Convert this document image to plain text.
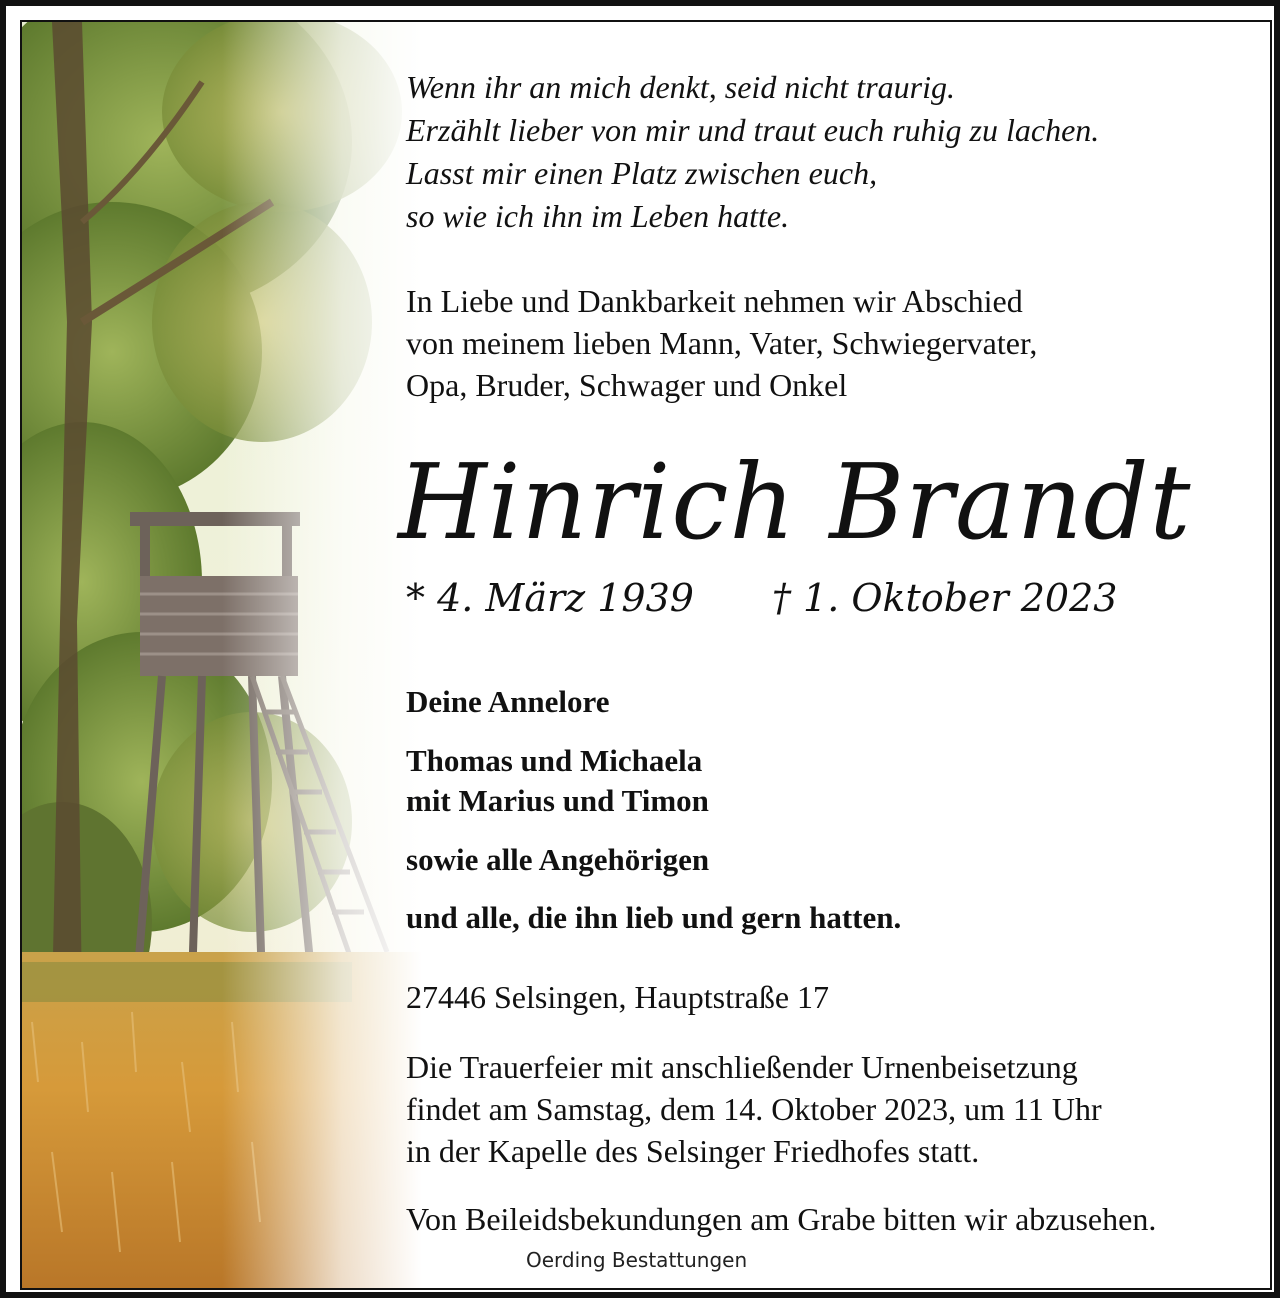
Wenn ihr an mich denkt, seid nicht traurig.
Erzählt lieber von mir und traut euch ruhig zu lachen.
Lasst mir einen Platz zwischen euch,
so wie ich ihn im Leben hatte.
In Liebe und Dankbarkeit nehmen wir Abschied
von meinem lieben Mann, Vater, Schwiegervater,
Opa, Bruder, Schwager und Onkel
Hinrich Brandt
* 4. März 1939 † 1. Oktober 2023
Deine Annelore
Thomas und Michaela
mit Marius und Timon
sowie alle Angehörigen
und alle, die ihn lieb und gern hatten.
27446 Selsingen, Hauptstraße 17
Die Trauerfeier mit anschließender Urnenbeisetzung
findet am Samstag, dem 14. Oktober 2023, um 11 Uhr
in der Kapelle des Selsinger Friedhofes statt.
Von Beileidsbekundungen am Grabe bitten wir abzusehen.
Oerding Bestattungen
